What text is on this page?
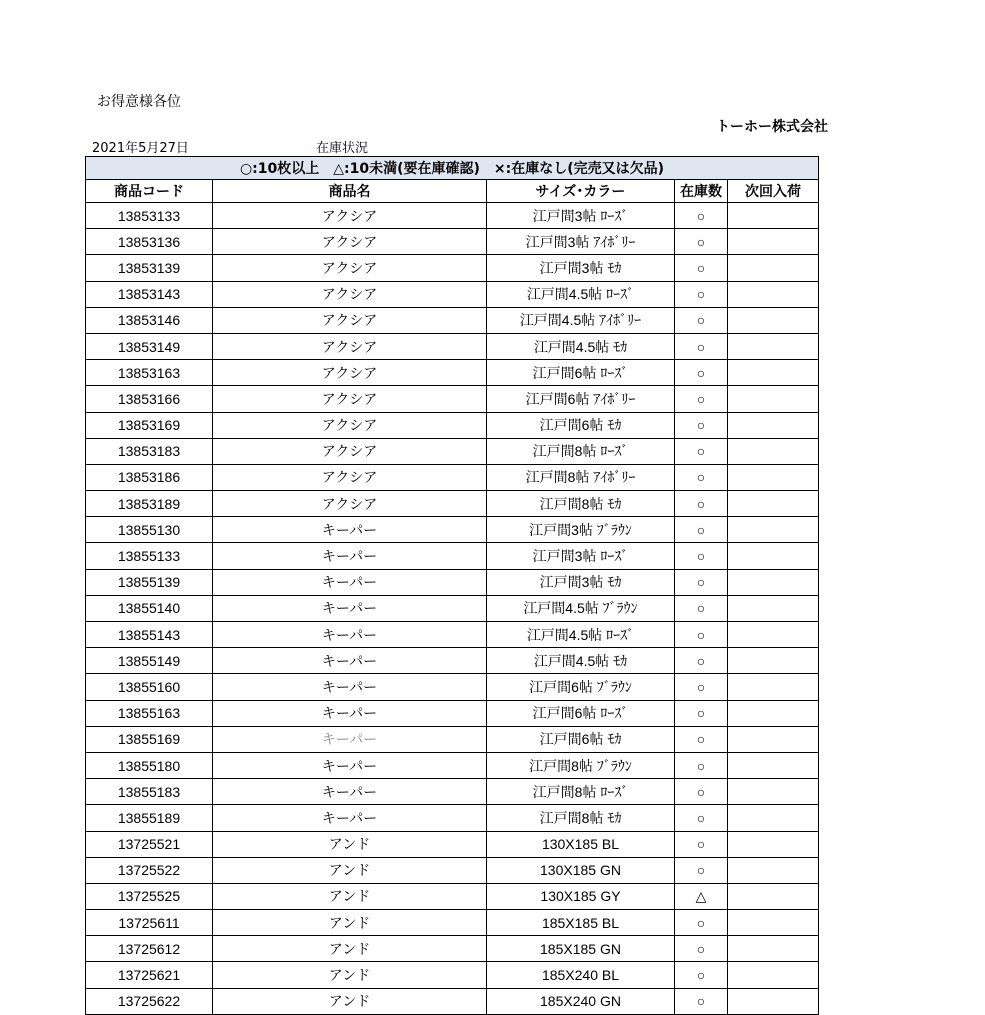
お得意様各位
トーホー株式会社
2021年5月27日	在庫状況
○:10枚以上　△:10未満(要在庫確認)　×:在庫なし(完売又は欠品)				
商品コード	商品名	サイズ･カラー	在庫数	次回入荷
13853133	アクシア	江戸間3帖 ﾛｰｽﾞ	○	
13853136	アクシア	江戸間3帖 ｱｲﾎﾞﾘｰ	○	
13853139	アクシア	江戸間3帖 ﾓｶ	○	
13853143	アクシア	江戸間4.5帖 ﾛｰｽﾞ	○	
13853146	アクシア	江戸間4.5帖 ｱｲﾎﾞﾘｰ	○	
13853149	アクシア	江戸間4.5帖 ﾓｶ	○	
13853163	アクシア	江戸間6帖 ﾛｰｽﾞ	○	
13853166	アクシア	江戸間6帖 ｱｲﾎﾞﾘｰ	○	
13853169	アクシア	江戸間6帖 ﾓｶ	○	
13853183	アクシア	江戸間8帖 ﾛｰｽﾞ	○	
13853186	アクシア	江戸間8帖 ｱｲﾎﾞﾘｰ	○	
13853189	アクシア	江戸間8帖 ﾓｶ	○	
13855130	キーパー	江戸間3帖 ﾌﾞﾗｳﾝ	○	
13855133	キーパー	江戸間3帖 ﾛｰｽﾞ	○	
13855139	キーパー	江戸間3帖 ﾓｶ	○	
13855140	キーパー	江戸間4.5帖 ﾌﾞﾗｳﾝ	○	
13855143	キーパー	江戸間4.5帖 ﾛｰｽﾞ	○	
13855149	キーパー	江戸間4.5帖 ﾓｶ	○	
13855160	キーパー	江戸間6帖 ﾌﾞﾗｳﾝ	○	
13855163	キーパー	江戸間6帖 ﾛｰｽﾞ	○	
13855169	キーパー	江戸間6帖 ﾓｶ	○	
13855180	キーパー	江戸間8帖 ﾌﾞﾗｳﾝ	○	
13855183	キーパー	江戸間8帖 ﾛｰｽﾞ	○	
13855189	キーパー	江戸間8帖 ﾓｶ	○	
13725521	アンド	130X185 BL	○	
13725522	アンド	130X185 GN	○	
13725525	アンド	130X185 GY	△	
13725611	アンド	185X185 BL	○	
13725612	アンド	185X185 GN	○	
13725621	アンド	185X240 BL	○	
13725622	アンド	185X240 GN	○	
